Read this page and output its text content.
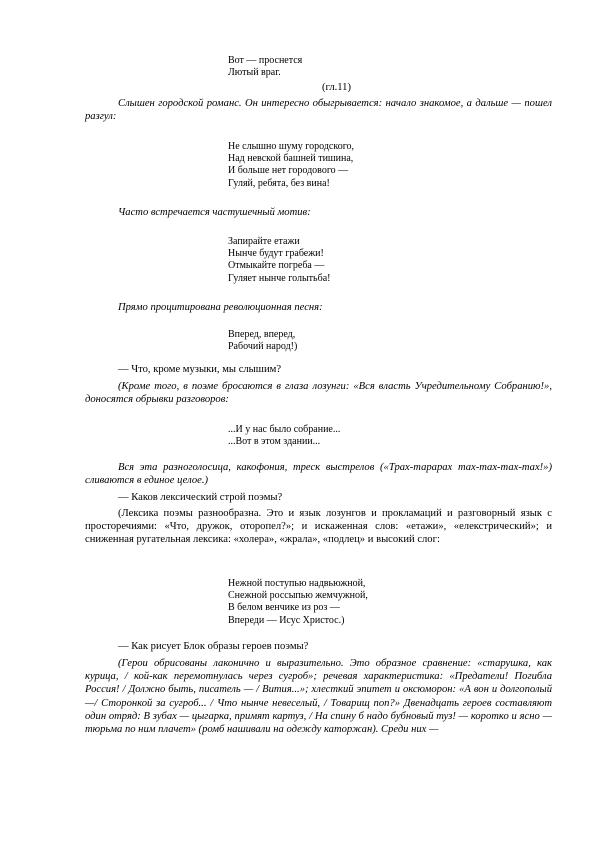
Вот — проснется
Лютый враг.
(гл.11)

Слышен городской романс. Он интересно обыгрывается: начало знакомое, а дальше — пошел разгул:

Не слышно шуму городского,
Над невской башней тишина,
И больше нет городового —
Гуляй, ребята, без вина!

Часто встречается частушечный мотив:

Запирайте етажи
Нынче будут грабежи!
Отмыкайте погреба —
Гуляет нынче голытьба!

Прямо процитирована революционная песня:

Вперед, вперед,
Рабочий народ!)

— Что, кроме музыки, мы слышим?

(Кроме того, в поэме бросаются в глаза лозунги: «Вся власть Учредительному Собранию!», доносятся обрывки разговоров:

...И у нас было собрание...
...Вот в этом здании...

Вся эта разноголосица, какофония, треск выстрелов («Трах-тарарах тах-тах-тах-тах!») сливаются в единое целое.)

— Каков лексический строй поэмы?

(Лексика поэмы разнообразна. Это и язык лозунгов и прокламаций и разговорный язык с просторечиями: «Что, дружок, оторопел?»; и искаженная слов: «етажи», «елекстрический»; и сниженная ругательная лексика: «холера», «жрала», «подлец» и высокий слог:

Нежной поступью надвьюжной,
Снежной россыпью жемчужной,
В белом венчике из роз —
Впереди — Исус Христос.)

— Как рисует Блок образы героев поэмы?

(Герои обрисованы лаконично и выразительно. Это образное сравнение: «старушка, как курица, / кой-как перемотнулась через сугроб»; речевая характеристика: «Предатели! Погибла Россия! / Должно быть, писатель — / Вития...»; хлесткий эпитет и оксюморон: «А вон и долгополый —/ Сторонкой за сугроб... / Что нынче невеселый, / Товарищ поп?» Двенадцать героев составляют один отряд: В зубах — цыгарка, примят картуз, / На спину б надо бубновый туз! — коротко и ясно — тюрьма по ним плачет» (ромб нашивали на одежду каторжан). Среди них —
